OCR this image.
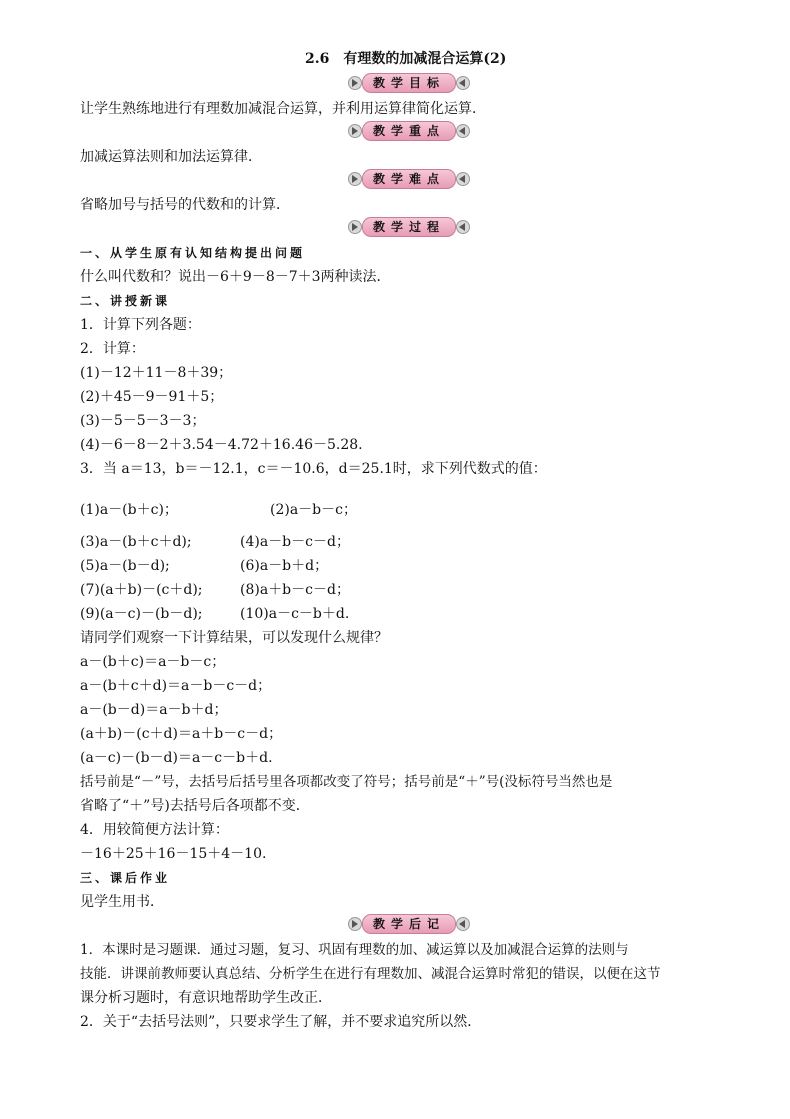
2.6　有理数的加减混合运算(2)
教学目标
让学生熟练地进行有理数加减混合运算，并利用运算律简化运算．
教学重点
加减运算法则和加法运算律．
教学难点
省略加号与括号的代数和的计算．
教学过程
一、从学生原有认知结构提出问题
什么叫代数和？说出－6＋9－8－7＋3两种读法．
二、讲授新课
1．计算下列各题：
2．计算：
(1)－12＋11－8＋39；
(2)＋45－9－91＋5；
(3)－5－5－3－3；
(4)－6－8－2＋3.54－4.72＋16.46－5.28.
3．当 a＝13，b＝－12.1，c＝－10.6，d＝25.1时，求下列代数式的值：
(1)a－(b＋c)；	(2)a－b－c；
(3)a－(b＋c＋d);	(4)a－b－c－d；
(5)a－(b－d);	(6)a－b＋d；
(7)(a＋b)－(c＋d);	(8)a＋b－c－d；
(9)(a－c)－(b－d);	(10)a－c－b＋d.
请同学们观察一下计算结果，可以发现什么规律？
a－(b＋c)＝a－b－c；
a－(b＋c＋d)＝a－b－c－d；
a－(b－d)＝a－b＋d；
(a＋b)－(c＋d)＝a＋b－c－d；
(a－c)－(b－d)＝a－c－b＋d.
括号前是“－”号，去括号后括号里各项都改变了符号；括号前是“＋”号(没标符号当然也是
省略了“＋”号)去括号后各项都不变．
4．用较简便方法计算：
－16＋25＋16－15＋4－10.
三、课后作业
见学生用书．
教学后记
1．本课时是习题课．通过习题，复习、巩固有理数的加、减运算以及加减混合运算的法则与
技能．讲课前教师要认真总结、分析学生在进行有理数加、减混合运算时常犯的错误，以便在这节
课分析习题时，有意识地帮助学生改正．
2．关于“去括号法则”，只要求学生了解，并不要求追究所以然．
